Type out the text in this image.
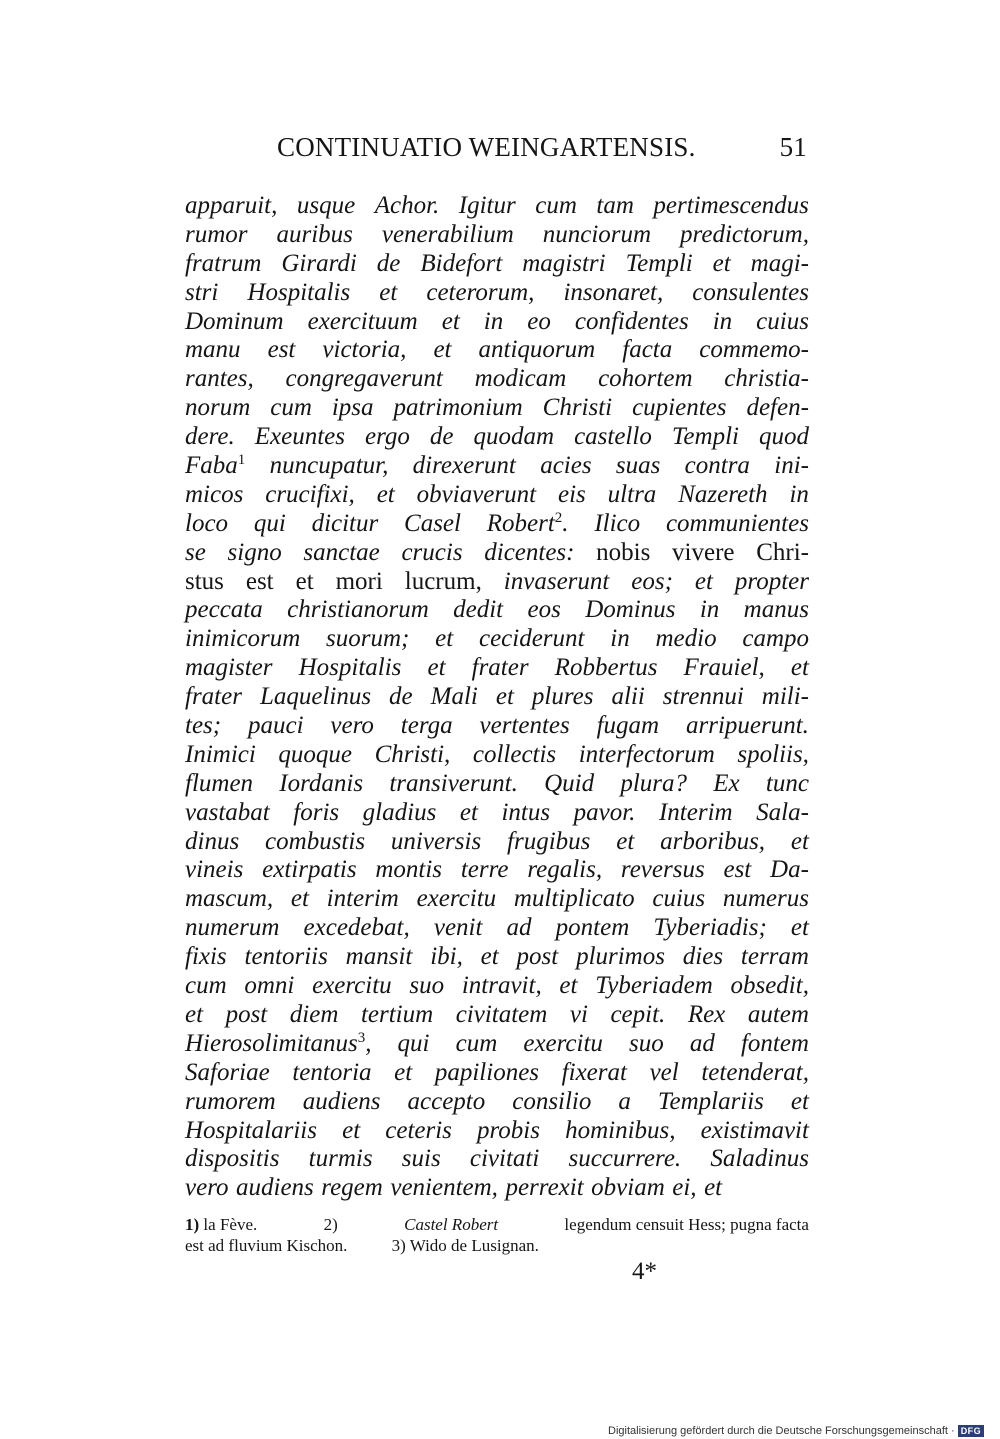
CONTINUATIO WEINGARTENSIS.	51
apparuit, usque Achor. Igitur cum tam pertimescendus
rumor auribus venerabilium nunciorum predictorum,
fratrum Girardi de Bidefort magistri Templi et magi-
stri Hospitalis et ceterorum, insonaret, consulentes
Dominum exercituum et in eo confidentes in cuius
manu est victoria, et antiquorum facta commemo-
rantes, congregaverunt modicam cohortem christia-
norum cum ipsa patrimonium Christi cupientes defen-
dere. Exeuntes ergo de quodam castello Templi quod
Faba$^1$ nuncupatur, direxerunt acies suas contra ini-
micos crucifixi, et obviaverunt eis ultra Nazereth in
loco qui dicitur Casel Robert$^2$. Ilico communientes
se signo sanctae crucis dicentes: nobis vivere Chri-
stus est et mori lucrum, invaserunt eos; et propter
peccata christianorum dedit eos Dominus in manus
inimicorum suorum; et ceciderunt in medio campo
magister Hospitalis et frater Robbertus Frauiel, et
frater Laquelinus de Mali et plures alii strennui mili-
tes; pauci vero terga vertentes fugam arripuerunt.
Inimici quoque Christi, collectis interfectorum spoliis,
flumen Iordanis transiverunt. Quid plura? Ex tunc
vastabat foris gladius et intus pavor. Interim Sala-
dinus combustis universis frugibus et arboribus, et
vineis extirpatis montis terre regalis, reversus est Da-
mascum, et interim exercitu multiplicato cuius numerus
numerum excedebat, venit ad pontem Tyberiadis; et
fixis tentoriis mansit ibi, et post plurimos dies terram
cum omni exercitu suo intravit, et Tyberiadem obsedit,
et post diem tertium civitatem vi cepit. Rex autem
Hierosolimitanus$^3$, qui cum exercitu suo ad fontem
Saforiae tentoria et papiliones fixerat vel tetenderat,
rumorem audiens accepto consilio a Templariis et
Hospitalariis et ceteris probis hominibus, existimavit
dispositis turmis suis civitati succurrere. Saladinus
vero audiens regem venientem, perrexit obviam ei, et
1) la Fève.	2)	Castel Robert	legendum censuit Hess; pugna facta
est ad fluvium Kischon.	3) Wido de Lusignan.
4*
Digitalisierung gefördert durch die Deutsche Forschungsgemeinschaft · DFG
